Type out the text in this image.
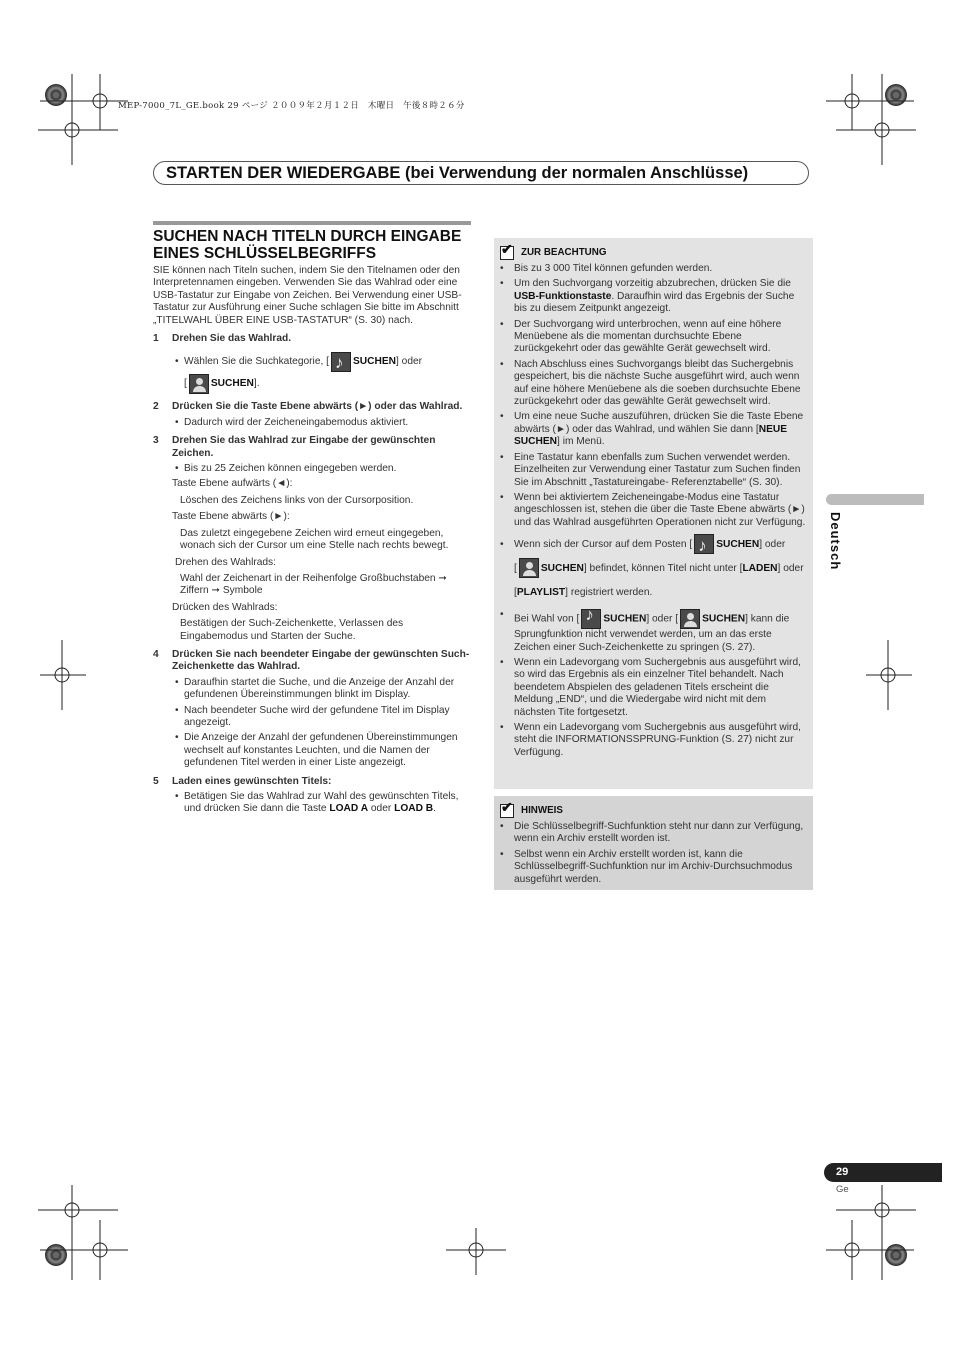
MEP-7000_7L_GE.book 29 ページ ２００９年２月１２日　木曜日　午後８時２６分
STARTEN DER WIEDERGABE (bei Verwendung der normalen Anschlüsse)
SUCHEN NACH TITELN DURCH EINGABE EINES SCHLÜSSELBEGRIFFS

SIE können nach Titeln suchen, indem Sie den Titelnamen oder den Interpretennamen eingeben. Verwenden Sie das Wahlrad oder eine USB-Tastatur zur Eingabe von Zeichen. Bei Verwendung einer USB-Tastatur zur Ausführung einer Suche schlagen Sie bitte im Abschnitt „TITELWAHL ÜBER EINE USB-TASTATUR“ (S. 30) nach.

1	Drehen Sie das Wahlrad.
• Wählen Sie die Suchkategorie, [ ♪ SUCHEN] oder
[ SUCHEN].
2	Drücken Sie die Taste Ebene abwärts (►) oder das Wahlrad.
• Dadurch wird der Zeicheneingabemodus aktiviert.
3	Drehen Sie das Wahlrad zur Eingabe der gewünschten Zeichen.
• Bis zu 25 Zeichen können eingegeben werden.

Taste Ebene aufwärts (◄):

Löschen des Zeichens links von der Cursorposition.

Taste Ebene abwärts (►):

Das zuletzt eingegebene Zeichen wird erneut eingegeben, wonach sich der Cursor um eine Stelle nach rechts bewegt.

Drehen des Wahlrads:

Wahl der Zeichenart in der Reihenfolge Großbuchstaben ➞ Ziffern ➞ Symbole

Drücken des Wahlrads:

Bestätigen der Such-Zeichenkette, Verlassen des Eingabemodus und Starten der Suche.

4	Drücken Sie nach beendeter Eingabe der gewünschten Such-Zeichenkette das Wahlrad.
• Daraufhin startet die Suche, und die Anzeige der Anzahl der gefundenen Übereinstimmungen blinkt im Display.
• Nach beendeter Suche wird der gefundene Titel im Display angezeigt.
• Die Anzeige der Anzahl der gefundenen Übereinstimmungen wechselt auf konstantes Leuchten, und die Namen der gefundenen Titel werden in einer Liste angezeigt.
5	Laden eines gewünschten Titels:
• Betätigen Sie das Wahlrad zur Wahl des gewünschten Titels, und drücken Sie dann die Taste LOAD A oder LOAD B.
✔
ZUR BEACHTUNG
•	Bis zu 3 000 Titel können gefunden werden.
•	Um den Suchvorgang vorzeitig abzubrechen, drücken Sie die USB-Funktionstaste. Daraufhin wird das Ergebnis der Suche bis zu diesem Zeitpunkt angezeigt.
•	Der Suchvorgang wird unterbrochen, wenn auf eine höhere Menüebene als die momentan durchsuchte Ebene zurückgekehrt oder das gewählte Gerät gewechselt wird.
•	Nach Abschluss eines Suchvorgangs bleibt das Suchergebnis gespeichert, bis die nächste Suche ausgeführt wird, auch wenn auf eine höhere Menüebene als die soeben durchsuchte Ebene zurückgekehrt oder das gewählte Gerät gewechselt wird.
•	Um eine neue Suche auszuführen, drücken Sie die Taste Ebene abwärts (►) oder das Wahlrad, und wählen Sie dann [NEUE SUCHEN] im Menü.
•	Eine Tastatur kann ebenfalls zum Suchen verwendet werden. Einzelheiten zur Verwendung einer Tastatur zum Suchen finden Sie im Abschnitt „Tastatureingabe- Referenztabelle“ (S. 30).
•	Wenn bei aktiviertem Zeicheneingabe-Modus eine Tastatur angeschlossen ist, stehen die über die Taste Ebene abwärts (►) und das Wahlrad ausgeführten Operationen nicht zur Verfügung.
•	Wenn sich der Cursor auf dem Posten [ ♪ SUCHEN] oder
[ SUCHEN] befindet, können Titel nicht unter [LADEN] oder [PLAYLIST] registriert werden.
•	Bei Wahl von [ ♪ SUCHEN] oder [ SUCHEN] kann die Sprungfunktion nicht verwendet werden, um an das erste Zeichen einer Such-Zeichenkette zu springen (S. 27).
•	Wenn ein Ladevorgang vom Suchergebnis aus ausgeführt wird, so wird das Ergebnis als ein einzelner Titel behandelt. Nach beendetem Abspielen des geladenen Titels erscheint die Meldung „END“, und die Wiedergabe wird nicht mit dem nächsten Tite fortgesetzt.
•	Wenn ein Ladevorgang vom Suchergebnis aus ausgeführt wird, steht die INFORMATIONSSPRUNG-Funktion (S. 27) nicht zur Verfügung.
✔
HINWEIS
•	Die Schlüsselbegriff-Suchfunktion steht nur dann zur Verfügung, wenn ein Archiv erstellt worden ist.
•	Selbst wenn ein Archiv erstellt worden ist, kann die Schlüsselbegriff-Suchfunktion nur im Archiv-Durchsuchmodus ausgeführt werden.
Deutsch
29
Ge
